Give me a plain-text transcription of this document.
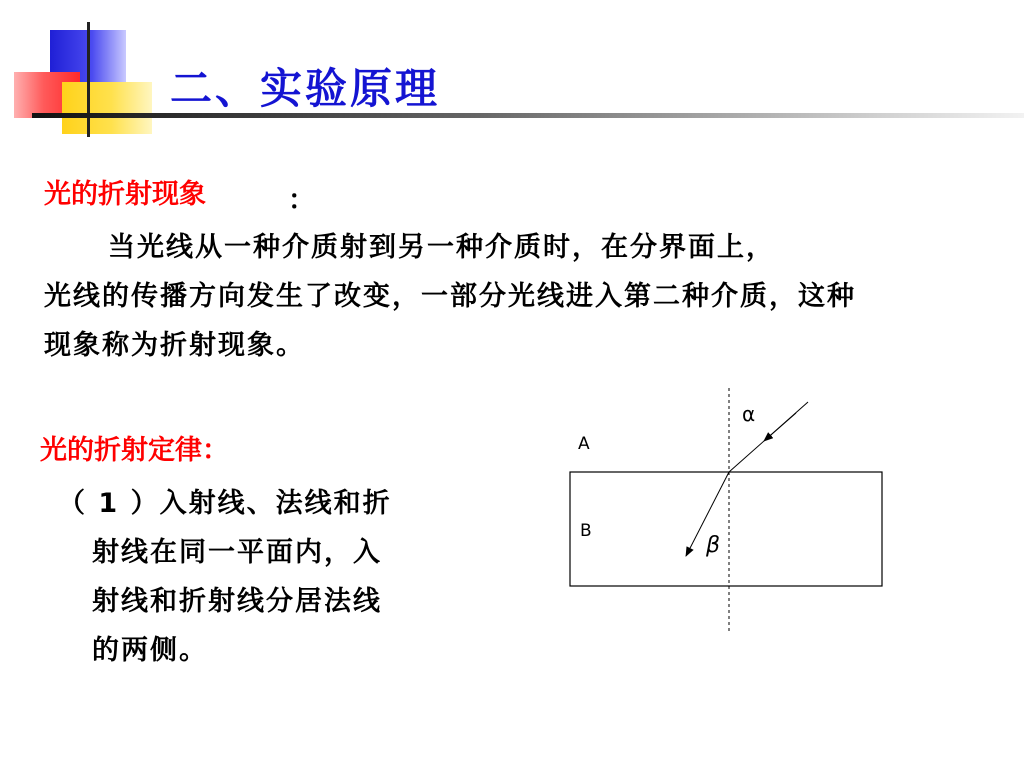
二、实验原理
光的折射现象	：
当光线从一种介质射到另一种介质时，在分界面上，
光线的传播方向发生了改变，一部分光线进入第二种介质，这种
现象称为折射现象。
光的折射定律：
（ 1 ）入射线、法线和折
射线在同一平面内，入
射线和折射线分居法线
的两侧。
A
B
α
β
